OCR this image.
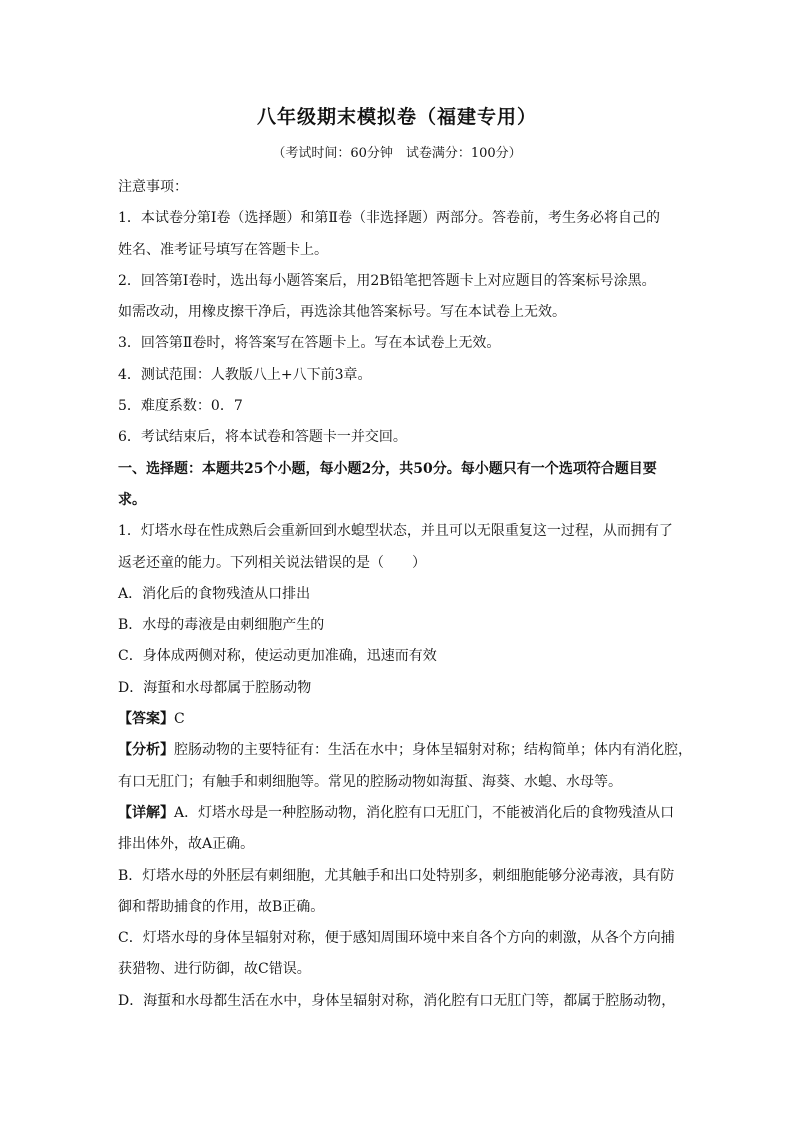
八年级期末模拟卷（福建专用）
（考试时间：60分钟　试卷满分：100分）

注意事项：

1．本试卷分第Ⅰ卷（选择题）和第Ⅱ卷（非选择题）两部分。答卷前，考生务必将自己的

姓名、准考证号填写在答题卡上。

2．回答第Ⅰ卷时，选出每小题答案后，用2B铅笔把答题卡上对应题目的答案标号涂黑。

如需改动，用橡皮擦干净后，再选涂其他答案标号。写在本试卷上无效。

3．回答第Ⅱ卷时，将答案写在答题卡上。写在本试卷上无效。

4．测试范围：人教版八上+八下前3章。

5．难度系数：0．7

6．考试结束后，将本试卷和答题卡一并交回。

一、选择题：本题共25个小题，每小题2分，共50分。每小题只有一个选项符合题目要

求。

1．灯塔水母在性成熟后会重新回到水螅型状态，并且可以无限重复这一过程，从而拥有了

返老还童的能力。下列相关说法错误的是（　　）

A．消化后的食物残渣从口排出

B．水母的毒液是由刺细胞产生的

C．身体成两侧对称，使运动更加准确，迅速而有效

D．海蜇和水母都属于腔肠动物

【答案】C

【分析】腔肠动物的主要特征有：生活在水中；身体呈辐射对称；结构简单；体内有消化腔，

有口无肛门；有触手和刺细胞等。常见的腔肠动物如海蜇、海葵、水螅、水母等。

【详解】A．灯塔水母是一种腔肠动物，消化腔有口无肛门，不能被消化后的食物残渣从口

排出体外，故A正确。

B．灯塔水母的外胚层有刺细胞，尤其触手和出口处特别多，刺细胞能够分泌毒液，具有防

御和帮助捕食的作用，故B正确。

C．灯塔水母的身体呈辐射对称，便于感知周围环境中来自各个方向的刺激，从各个方向捕

获猎物、进行防御，故C错误。

D．海蜇和水母都生活在水中，身体呈辐射对称，消化腔有口无肛门等，都属于腔肠动物，
